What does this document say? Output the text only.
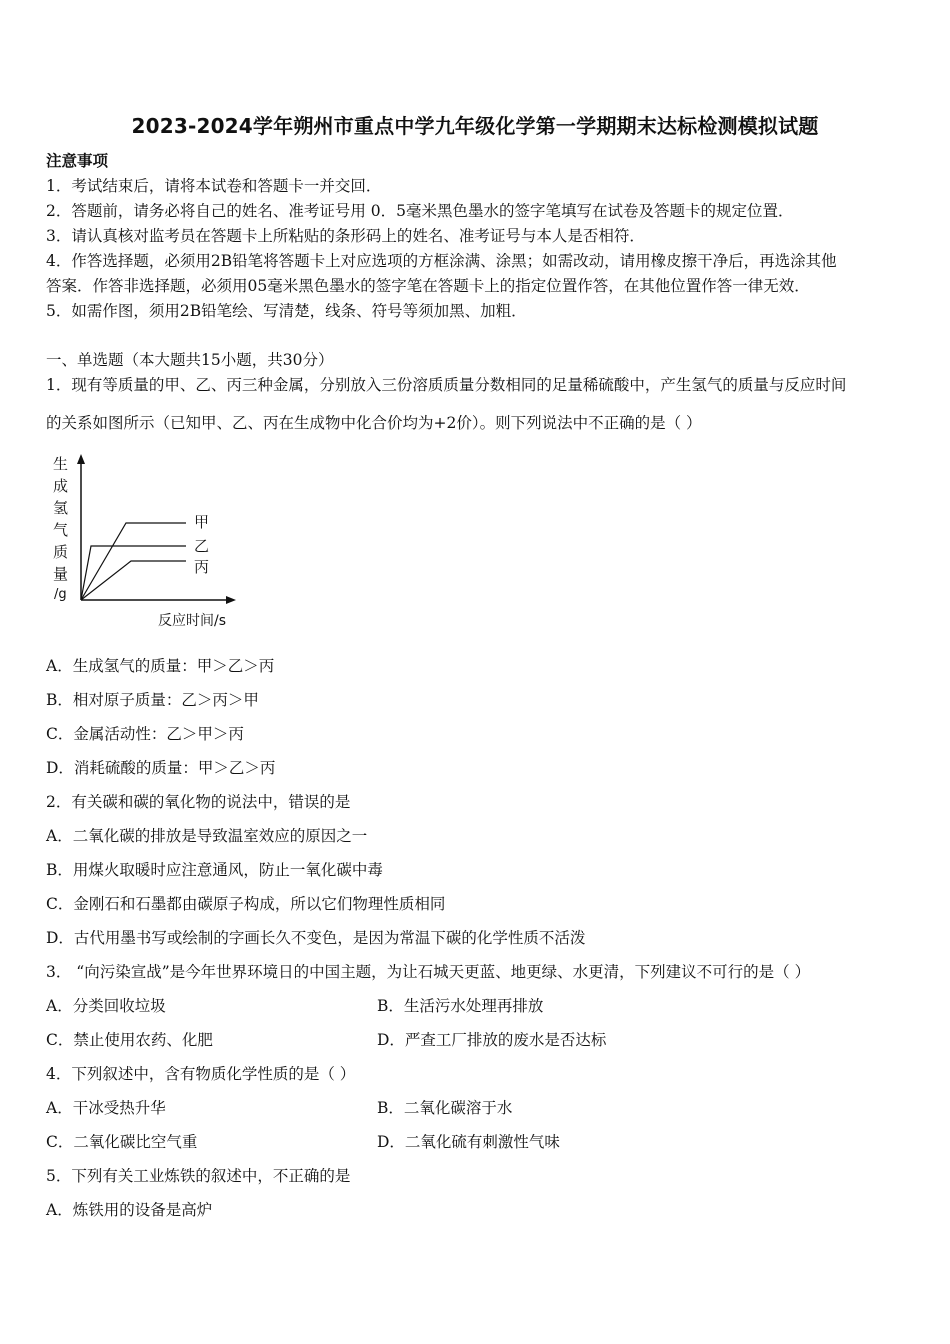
2023-2024学年朔州市重点中学九年级化学第一学期期末达标检测模拟试题
注意事项
1．考试结束后，请将本试卷和答题卡一并交回．
2．答题前，请务必将自己的姓名、准考证号用 0．5毫米黑色墨水的签字笔填写在试卷及答题卡的规定位置．
3．请认真核对监考员在答题卡上所粘贴的条形码上的姓名、准考证号与本人是否相符．
4．作答选择题，必须用2B铅笔将答题卡上对应选项的方框涂满、涂黑；如需改动，请用橡皮擦干净后，再选涂其他
答案．作答非选择题，必须用05毫米黑色墨水的签字笔在答题卡上的指定位置作答，在其他位置作答一律无效．
5．如需作图，须用2B铅笔绘、写清楚，线条、符号等须加黑、加粗．
一、单选题（本大题共15小题，共30分）
1．现有等质量的甲、乙、丙三种金属，分别放入三份溶质质量分数相同的足量稀硫酸中，产生氢气的质量与反应时间
的关系如图所示（已知甲、乙、丙在生成物中化合价均为+2价）。则下列说法中不正确的是（ ）
生
成
氢
气
质
量
/g
甲
乙
丙
反应时间/s
A．生成氢气的质量：甲＞乙＞丙
B．相对原子质量：乙＞丙＞甲
C．金属活动性：乙＞甲＞丙
D．消耗硫酸的质量：甲＞乙＞丙
2．有关碳和碳的氧化物的说法中，错误的是
A．二氧化碳的排放是导致温室效应的原因之一
B．用煤火取暖时应注意通风，防止一氧化碳中毒
C．金刚石和石墨都由碳原子构成，所以它们物理性质相同
D．古代用墨书写或绘制的字画长久不变色，是因为常温下碳的化学性质不活泼
3． “向污染宣战”是今年世界环境日的中国主题，为让石城天更蓝、地更绿、水更清，下列建议不可行的是（ ）
A．分类回收垃圾	B．生活污水处理再排放
C．禁止使用农药、化肥	D．严查工厂排放的废水是否达标
4．下列叙述中，含有物质化学性质的是（ ）
A．干冰受热升华	B．二氧化碳溶于水
C．二氧化碳比空气重	D．二氧化硫有刺激性气味
5．下列有关工业炼铁的叙述中，不正确的是
A．炼铁用的设备是高炉
